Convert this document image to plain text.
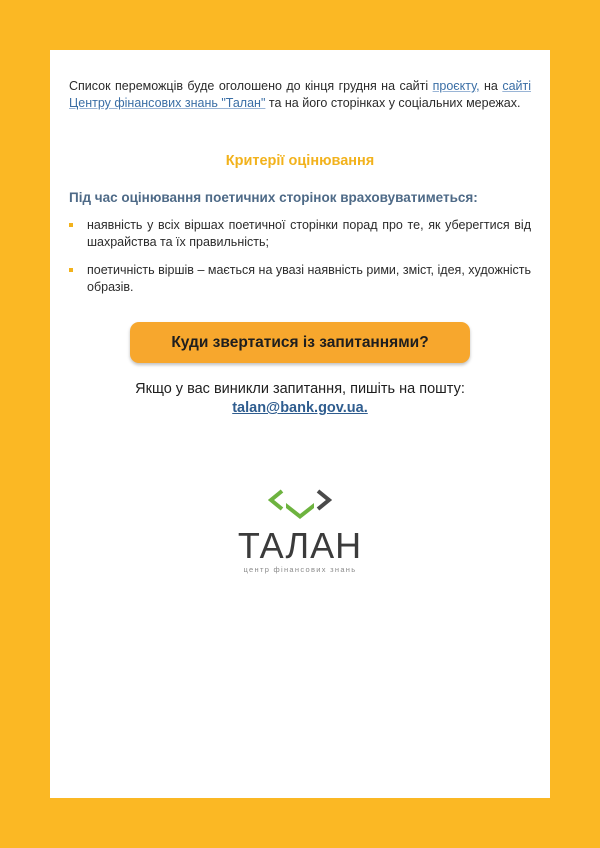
Список переможців буде оголошено до кінця грудня на сайті проєкту, на сайті Центру фінансових знань "Талан" та на його сторінках у соціальних мережах.

Критерії оцінювання

Під час оцінювання поетичних сторінок враховуватиметься:

наявність у всіх віршах поетичної сторінки порад про те, як уберегтися від шахрайства та їх правильність;
поетичність віршів – мається на увазі наявність рими, зміст, ідея, художність образів.
Куди звертатися із запитаннями?

Якщо у вас виникли запитання, пишіть на пошту:

talan@bank.gov.ua.

ТАЛАН
центр фінансових знань
